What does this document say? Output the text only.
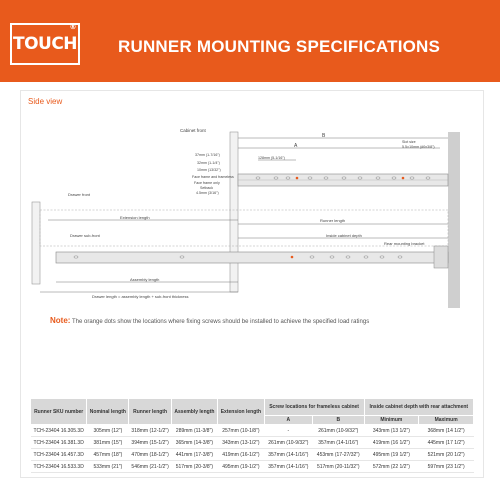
TOUCH
®
RUNNER MOUNTING SPECIFICATIONS
Side view
Cabinet front
B
A
Slot size
5.5×10mm (#0x3/8")
128mm (5-1/16")
37mm (1-7/16")
32mm (1-1/4")
10mm (13/32")
Face frame and frameless
Face frame only
Setback
4.5mm (3/16")
Drawer front
Extension length
Runner length
Drawer sub-front	Inside cabinet depth
Rear mounting bracket
Assembly length
Drawer length = assembly length + sub-front thickness
Note: The orange dots show the locations where fixing screws should be installed to achieve the specified load ratings
Runner SKU number	Nominal length	Runner length	Assembly length	Extension length	Screw locations for frameless cabinet		Inside cabinet depth with rear attachment	
					A	B	Minimum	Maximum
TCH-23404 16.305.3D	305mm (12")	318mm (12-1/2")	289mm (11-3/8")	257mm (10-1/8")	-	261mm (10-9/32")	343mm (13 1/2")	368mm (14 1/2")
TCH-23404 16.381.3D	381mm (15")	394mm (15-1/2")	365mm (14-3/8")	343mm (13-1/2")	261mm (10-9/32")	357mm (14-1/16")	419mm (16 1/2")	445mm (17 1/2")
TCH-23404 16.457.3D	457mm (18")	470mm (18-1/2")	441mm (17-3/8")	419mm (16-1/2")	357mm (14-1/16")	453mm (17-27/32")	495mm (19 1/2")	521mm (20 1/2")
TCH-23404 16.533.3D	533mm (21")	546mm (21-1/2")	517mm (20-3/8")	495mm (19-1/2")	357mm (14-1/16")	517mm (20-11/32")	572mm (22 1/2")	597mm (23 1/2")
